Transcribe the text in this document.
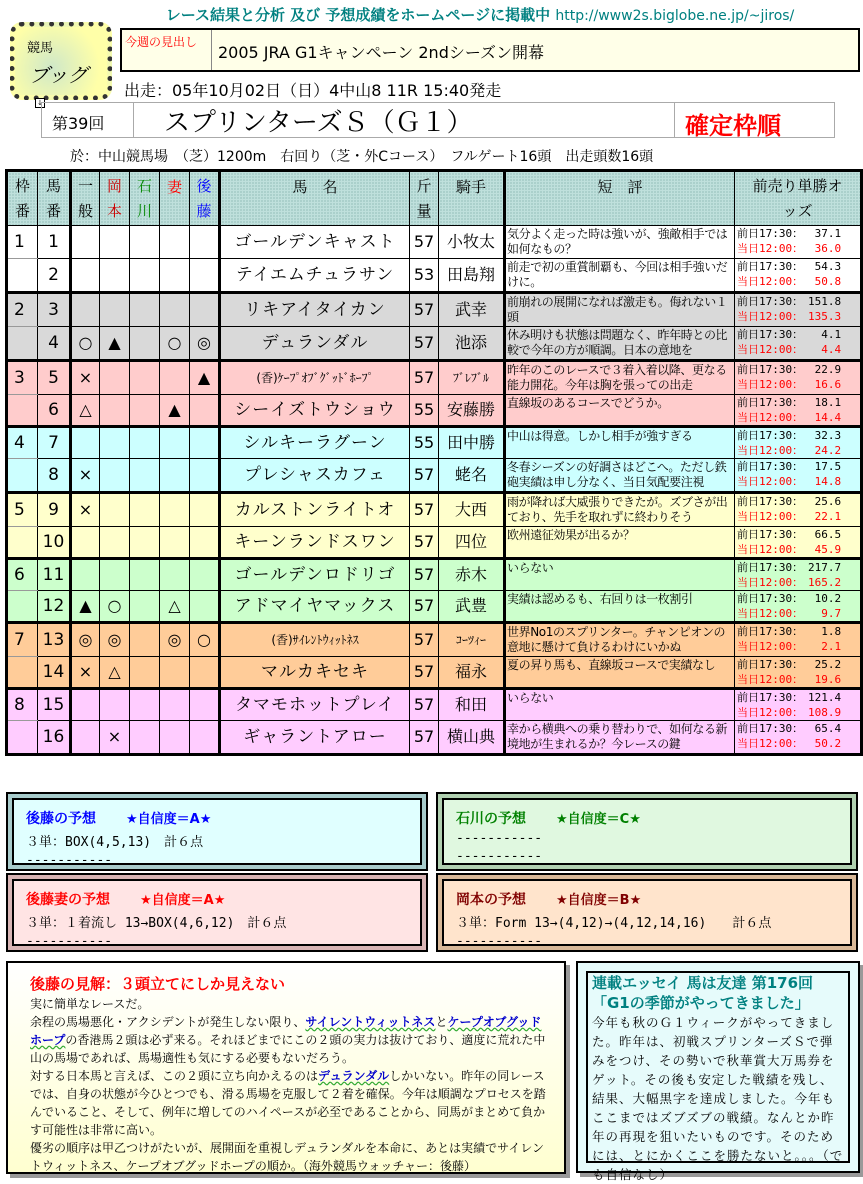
レース結果と分析 及び 予想成績をホームページに掲載中 http://www2s.biglobe.ne.jp/~jiros/
競馬
ブッグ
↓
今週の見出し
2005 JRA G1キャンペーン 2ndシーズン開幕
出走：05年10月02日（日）4中山8 11R 15:40発走
第39回	スプリンターズＳ（Ｇ１）	確定枠順
於：中山競馬場　（芝）1200m　右回り（芝・外Cコース）　フルゲート16頭　出走頭数16頭
枠番	馬番	一般	岡本	石川	妻	後藤	馬　名	斤量	騎手	短　評	前売り単勝オッズ
1	1						ゴールデンキャスト	57	小牧太	気分よく走った時は強いが、強敵相手では如何なもの？	前日17:30： 37.1
当日12:00： 36.0

	2						テイエムチュラサン	53	田島翔	前走で初の重賞制覇も、今回は相手強いだけに。	前日17:30： 54.3
当日12:00： 50.8

2	3						リキアイタイカン	57	武幸	前崩れの展開になれば激走も。侮れない１頭	前日17:30： 151.8
当日12:00： 135.3

	4	○	▲		○	◎	デュランダル	57	池添	休み明けも状態は問題なく、昨年時との比較で今年の方が順調。日本の意地を	前日17:30： 4.1
当日12:00： 4.4

3	5	×				▲	(香)ｹｰﾌﾟｵﾌﾞｸﾞｯﾄﾞﾎｰﾌﾟ	57	ﾌﾞﾚﾌﾞﾙ	昨年のこのレースで３着入着以降、更なる能力開花。今年は胸を張っての出走	前日17:30： 22.9
当日12:00： 16.6

	6	△			▲		シーイズトウショウ	55	安藤勝	直線坂のあるコースでどうか。	前日17:30： 18.1
当日12:00： 14.4

4	7						シルキーラグーン	55	田中勝	中山は得意。しかし相手が強すぎる	前日17:30： 32.3
当日12:00： 24.2

	8	×					プレシャスカフェ	57	蛯名	冬春シーズンの好調さはどこへ。ただし鉄砲実績は申し分なく、当日気配要注視	前日17:30： 17.5
当日12:00： 14.8

5	9	×					カルストンライトオ	57	大西	雨が降れば大威張りできたが。ズブさが出ており、先手を取れずに終わりそう	前日17:30： 25.6
当日12:00： 22.1

	10						キーンランドスワン	57	四位	欧州遠征効果が出るか？	前日17:30： 66.5
当日12:00： 45.9

6	11						ゴールデンロドリゴ	57	赤木	いらない	前日17:30： 217.7
当日12:00： 165.2

	12	▲	○		△		アドマイヤマックス	57	武豊	実績は認めるも、右回りは一枚割引	前日17:30： 10.2
当日12:00： 9.7

7	13	◎	◎		◎	○	(香)ｻｲﾚﾝﾄｳｨｯﾄﾈｽ	57	ｺｰﾂｨｰ	世界No1のスプリンター。チャンピオンの意地に懸けて負けるわけにいかぬ	前日17:30： 1.8
当日12:00： 2.1

	14	×	△				マルカキセキ	57	福永	夏の昇り馬も、直線坂コースで実績なし	前日17:30： 25.2
当日12:00： 19.6

8	15						タマモホットプレイ	57	和田	いらない	前日17:30： 121.4
当日12:00： 108.9

	16		×				ギャラントアロー	57	横山典	幸から横典への乗り替わりで、如何なる新境地が生まれるか？今レースの鍵	前日17:30： 65.4
当日12:00： 50.2
後藤の予想 ★自信度＝A★
３単：BOX(4,5,13)　計６点
-----------
石川の予想 ★自信度＝C★
-----------
-----------
後藤妻の予想 ★自信度＝A★
３単：１着流し 13→BOX(4,6,12)　計６点
-----------
岡本の予想 ★自信度＝B★
３単：Form 13→(4,12)→(4,12,14,16)　　計６点
-----------
後藤の見解：３頭立てにしか見えない

実に簡単なレースだ。

余程の馬場悪化・アクシデントが発生しない限り、サイレントウィットネスとケープオブグッドホープの香港馬２頭は必ず来る。それほどまでにこの２頭の実力は抜けており、適度に荒れた中山の馬場であれば、馬場適性も気にする必要もないだろう。

対する日本馬と言えば、この２頭に立ち向かえるのはデュランダルしかいない。昨年の同レースでは、自身の状態が今ひとつでも、滑る馬場を克服して２着を確保。今年は順調なプロセスを踏んでいること、そして、例年に増してのハイペースが必至であることから、同馬がまとめて負かす可能性は非常に高い。

優劣の順序は甲乙つけがたいが、展開面を重視しデュランダルを本命に、あとは実績でサイレントウィットネス、ケープオブグッドホープの順か。（海外競馬ウォッチャー：後藤）

連載エッセイ 馬は友達 第176回
「G1の季節がやってきました」

今年も秋のＧ１ウィークがやってきました。昨年は、初戦スプリンターズＳで弾みをつけ、その勢いで秋華賞大万馬券をゲット。その後も安定した戦績を残し、結果、大幅黒字を達成しました。今年もここまではズブズブの戦績。なんとか昨年の再現を狙いたいものです。そのためには、とにかくここを勝たないと。。。（でも自信なし）
